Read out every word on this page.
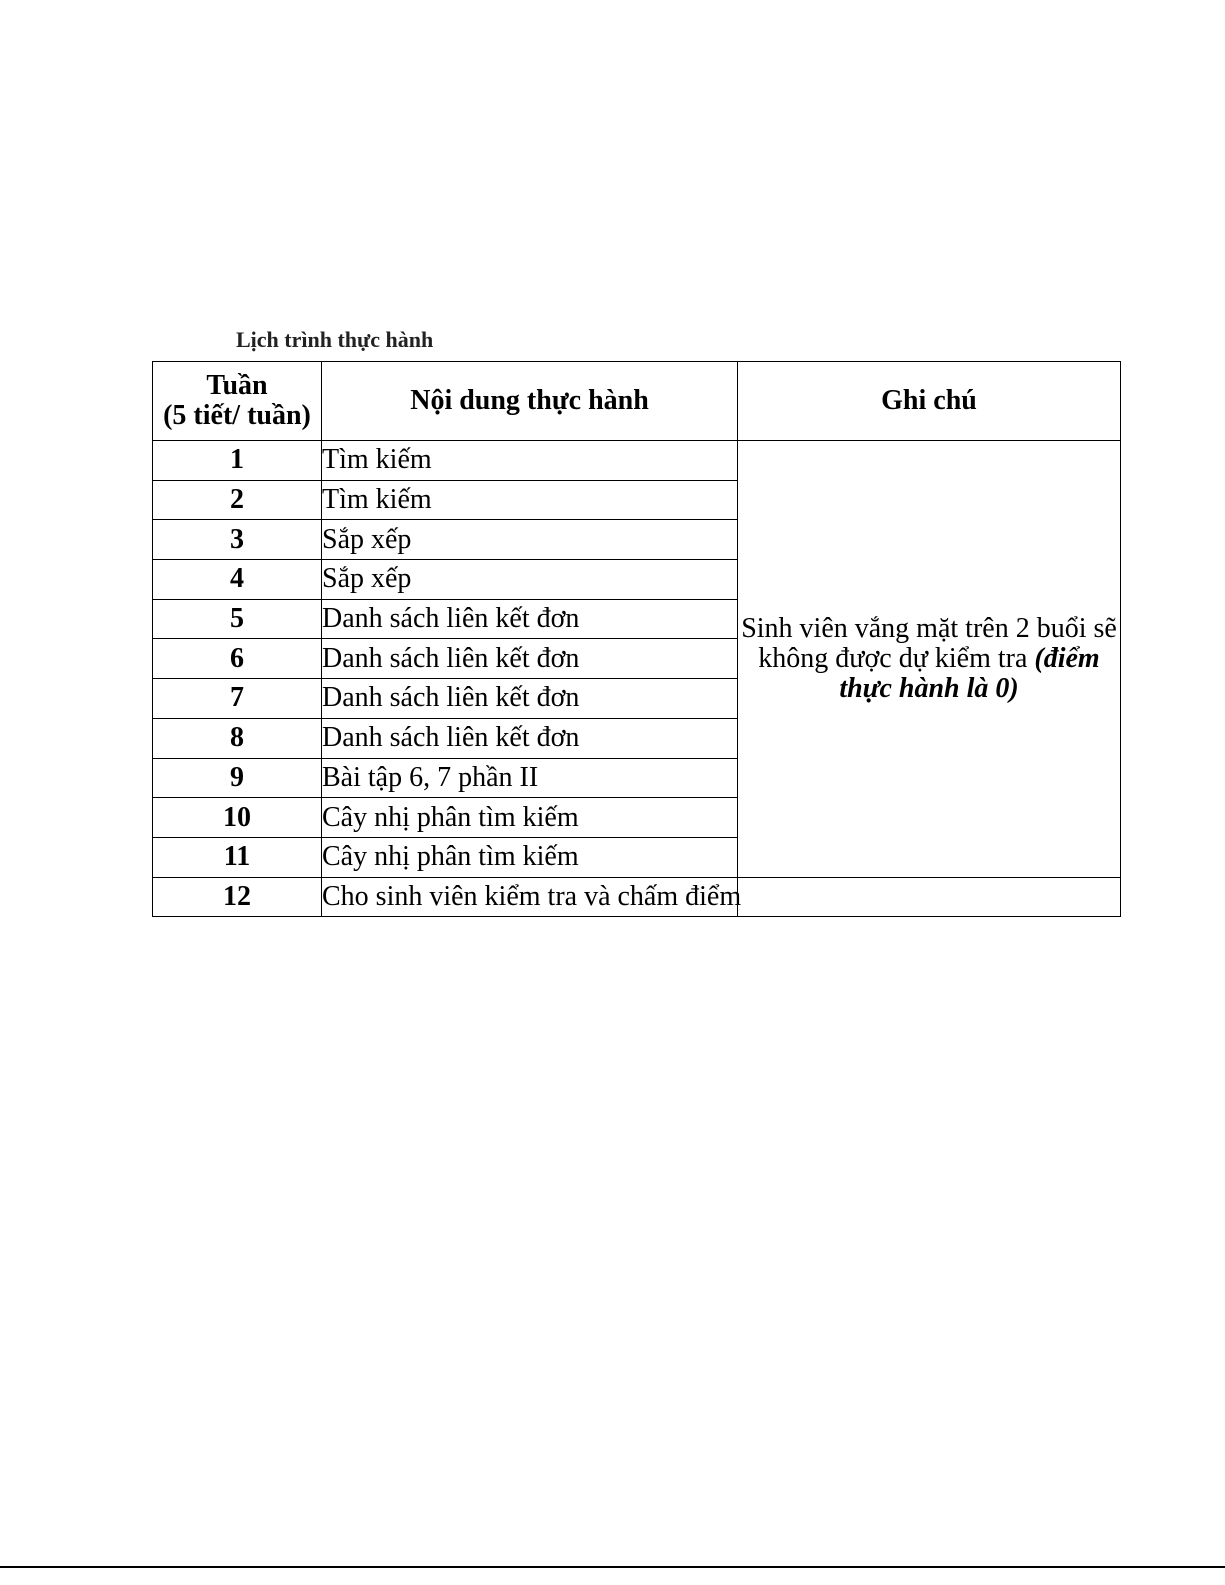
Lịch trình thực hành
Tuần
(5 tiết/ tuần)	Nội dung thực hành	Ghi chú
1	Tìm kiếm	Sinh viên vắng mặt trên 2 buổi sẽ không được dự kiểm tra (điểm thực hành là 0)
2	Tìm kiếm	
3	Sắp xếp	
4	Sắp xếp	
5	Danh sách liên kết đơn	
6	Danh sách liên kết đơn	
7	Danh sách liên kết đơn	
8	Danh sách liên kết đơn	
9	Bài tập 6, 7 phần II	
10	Cây nhị phân tìm kiếm	
11	Cây nhị phân tìm kiếm	
12	Cho sinh viên kiểm tra và chấm điểm	
